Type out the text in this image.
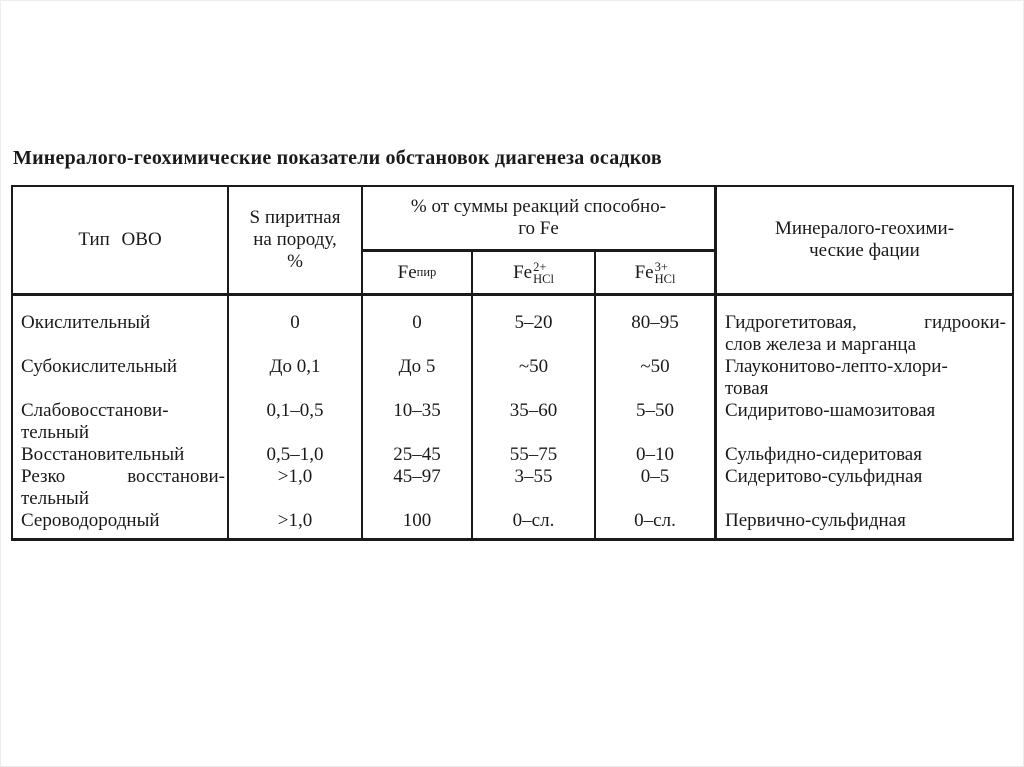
Минералого-геохимические показатели обстановок диагенеза осадков
Тип ОВО
S пиритная
на породу,
%
% от суммы реакций способно-
го Fe
Fe пир	Fe 2+
HCl	Fe 3+
HCl
Минералого-геохими-
ческие фации
Окислительный
Субокислительный
Слабовосстанови-
тельный
Восстановительный
Резко восстанови-
тельный
Сероводородный
0
До 0,1
0,1–0,5
0,5–1,0
>1,0
>1,0
0
До 5
10–35
25–45
45–97
100
5–20
~50
35–60
55–75
3–55
0–сл.
80–95
~50
5–50
0–10
0–5
0–сл.
Гидрогетитовая, гидрооки-
слов железа и марганца
Глауконитово-лепто-хлори-
товая
Сидиритово-шамозитовая
Сульфидно-сидеритовая
Сидеритово-сульфидная
Первично-сульфидная
